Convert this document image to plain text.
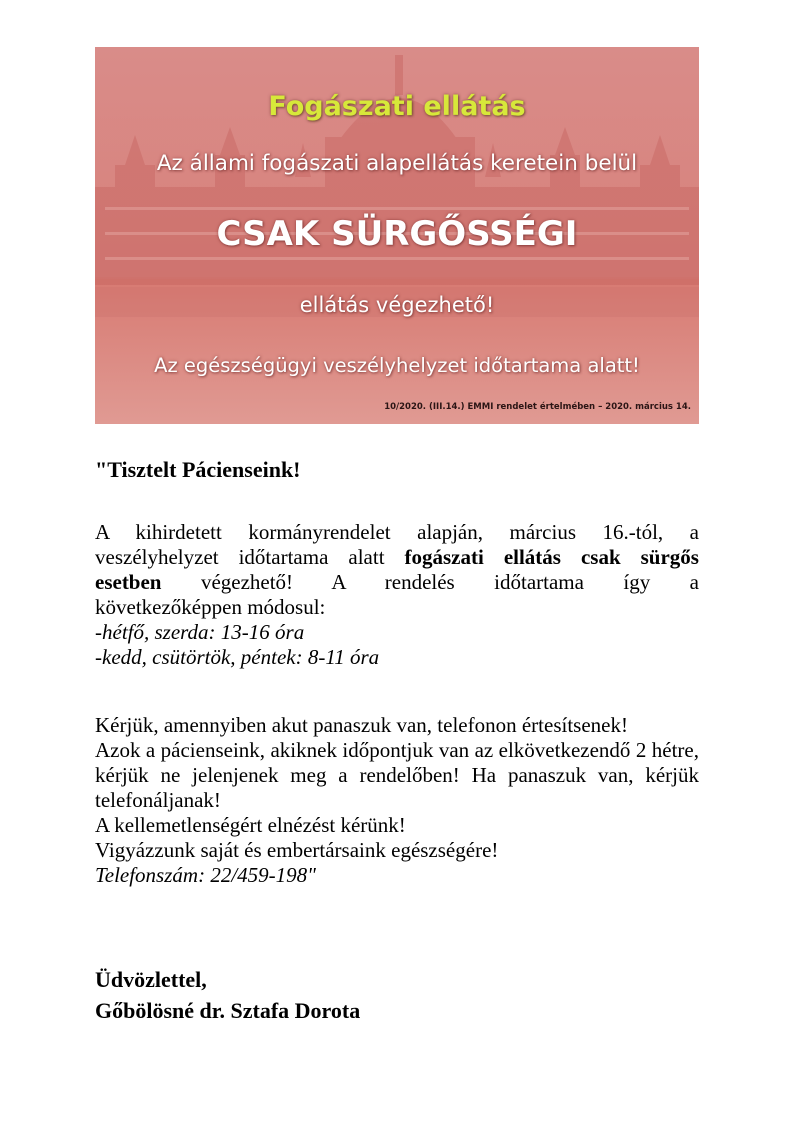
Fogászati ellátás
Az állami fogászati alapellátás keretein belül
CSAK SÜRGŐSSÉGI
ellátás végezhető!
Az egészségügyi veszélyhelyzet időtartama alatt!
10/2020. (III.14.) EMMI rendelet értelmében – 2020. március 14.
"Tisztelt Pácienseink!
A kihirdetett kormányrendelet alapján, március 16.-tól, a
veszélyhelyzet időtartama alatt fogászati ellátás csak sürgős
esetben végezhető! A rendelés időtartama így a
következőképpen módosul:
-hétfő, szerda: 13-16 óra
-kedd, csütörtök, péntek: 8-11 óra
Kérjük, amennyiben akut panaszuk van, telefonon értesítsenek!
Azok a pácienseink, akiknek időpontjuk van az elkövetkezendő 2 hétre, kérjük ne jelenjenek meg a rendelőben! Ha panaszuk van, kérjük telefonáljanak!
A kellemetlenségért elnézést kérünk!
Vigyázzunk saját és embertársaink egészségére!
Telefonszám: 22/459-198"
Üdvözlettel,
Gőbölösné dr. Sztafa Dorota
